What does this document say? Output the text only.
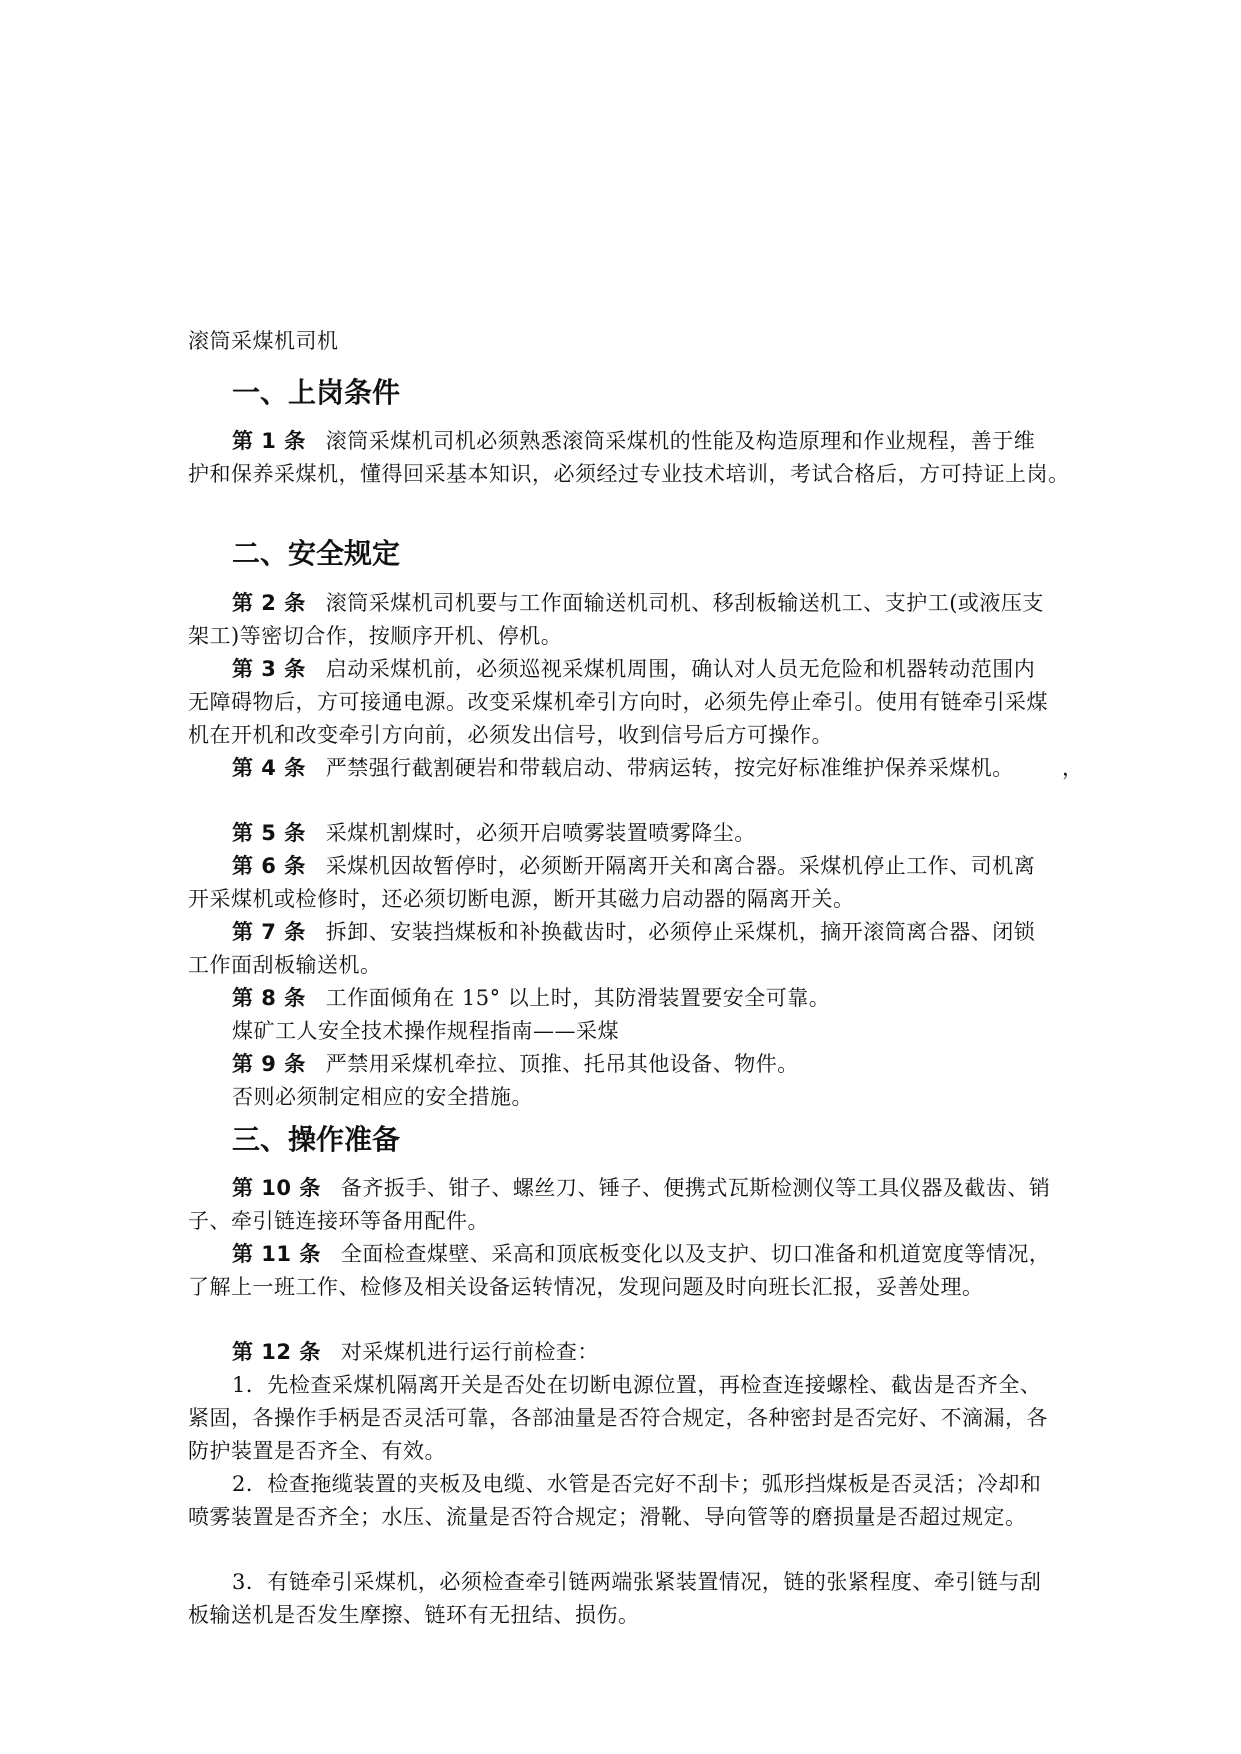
滚筒采煤机司机
一、上岗条件
第 1 条 滚筒采煤机司机必须熟悉滚筒采煤机的性能及构造原理和作业规程，善于维
护和保养采煤机，懂得回采基本知识，必须经过专业技术培训，考试合格后，方可持证上岗。
二、安全规定
第 2 条 滚筒采煤机司机要与工作面输送机司机、移刮板输送机工、支护工(或液压支
架工)等密切合作，按顺序开机、停机。
第 3 条 启动采煤机前，必须巡视采煤机周围，确认对人员无危险和机器转动范围内
无障碍物后，方可接通电源。改变采煤机牵引方向时，必须先停止牵引。使用有链牵引采煤
机在开机和改变牵引方向前，必须发出信号，收到信号后方可操作。
第 4 条 严禁强行截割硬岩和带载启动、带病运转，按完好标准维护保养采煤机。 ，
第 5 条 采煤机割煤时，必须开启喷雾装置喷雾降尘。
第 6 条 采煤机因故暂停时，必须断开隔离开关和离合器。采煤机停止工作、司机离
开采煤机或检修时，还必须切断电源，断开其磁力启动器的隔离开关。
第 7 条 拆卸、安装挡煤板和补换截齿时，必须停止采煤机，摘开滚筒离合器、闭锁
工作面刮板输送机。
第 8 条 工作面倾角在 15° 以上时，其防滑装置要安全可靠。
煤矿工人安全技术操作规程指南——采煤
第 9 条 严禁用采煤机牵拉、顶推、托吊其他设备、物件。
否则必须制定相应的安全措施。
三、操作准备
第 10 条 备齐扳手、钳子、螺丝刀、锤子、便携式瓦斯检测仪等工具仪器及截齿、销
子、牵引链连接环等备用配件。
第 11 条 全面检查煤壁、采高和顶底板变化以及支护、切口准备和机道宽度等情况，
了解上一班工作、检修及相关设备运转情况，发现问题及时向班长汇报，妥善处理。
第 12 条 对采煤机进行运行前检查：
1．先检查采煤机隔离开关是否处在切断电源位置，再检查连接螺栓、截齿是否齐全、
紧固，各操作手柄是否灵活可靠，各部油量是否符合规定，各种密封是否完好、不滴漏，各
防护装置是否齐全、有效。
2．检查拖缆装置的夹板及电缆、水管是否完好不刮卡；弧形挡煤板是否灵活；冷却和
喷雾装置是否齐全；水压、流量是否符合规定；滑靴、导向管等的磨损量是否超过规定。
3．有链牵引采煤机，必须检查牵引链两端张紧装置情况，链的张紧程度、牵引链与刮
板输送机是否发生摩擦、链环有无扭结、损伤。
